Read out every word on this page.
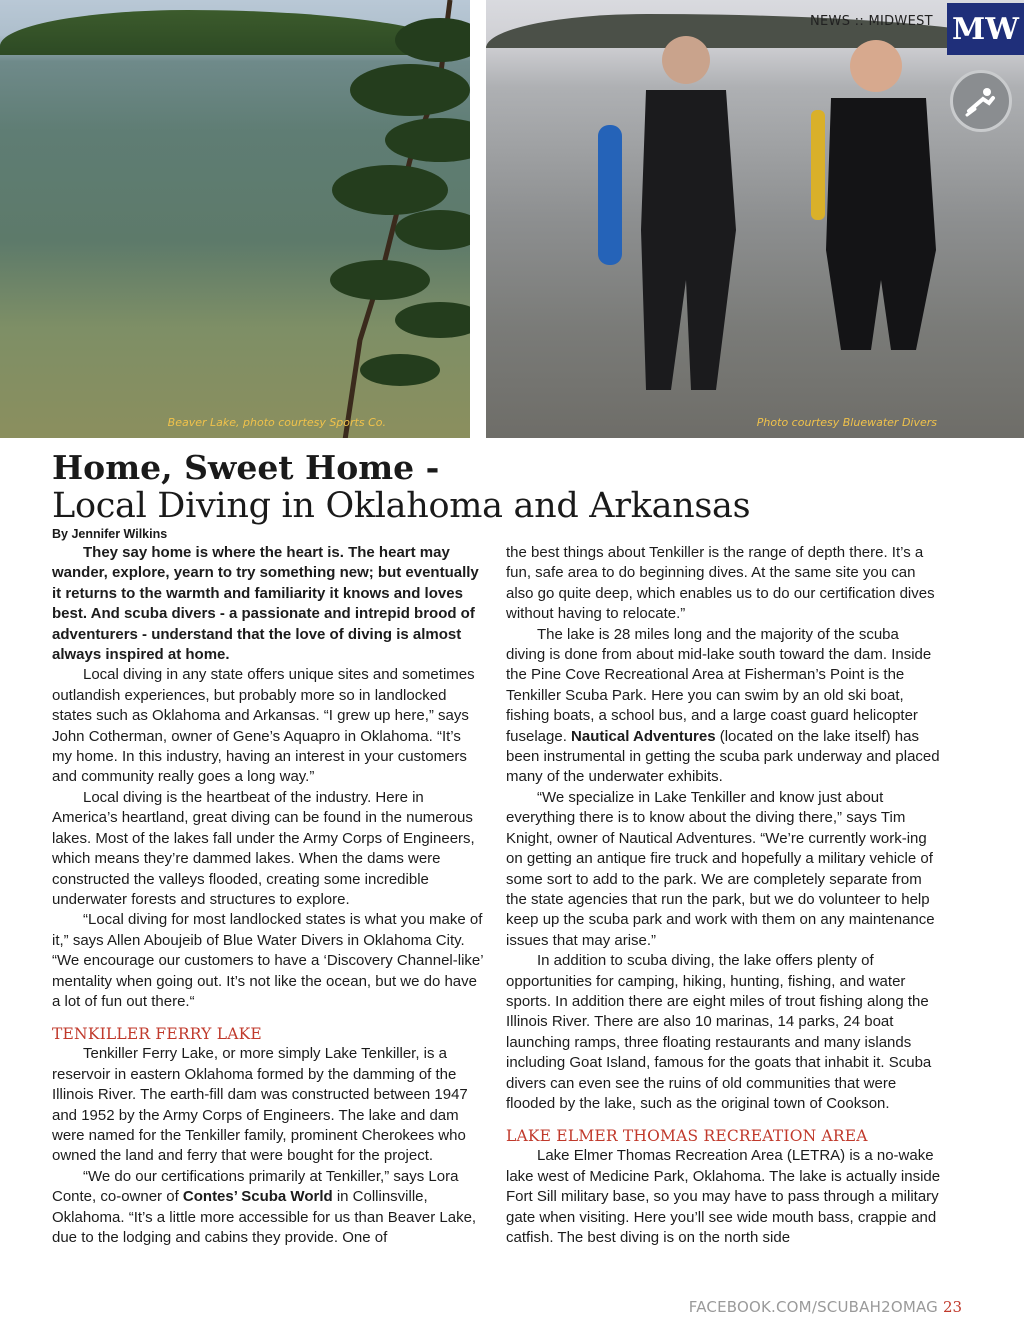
Beaver Lake, photo courtesy Sports Co.	Photo courtesy Bluewater Divers
NEWS :: MIDWEST MW
Home, Sweet Home -
Local Diving in Oklahoma and Arkansas
By Jennifer Wilkins

They say home is where the heart is. The heart may wander, explore, yearn to try something new; but eventually it returns to the warmth and familiarity it knows and loves best. And scuba divers - a passionate and intrepid brood of adventurers - understand that the love of diving is almost always inspired at home.

Local diving in any state offers unique sites and sometimes outlandish experiences, but probably more so in landlocked states such as Oklahoma and Arkansas. “I grew up here,” says John Cotherman, owner of Gene’s Aquapro in Oklahoma. “It’s my home. In this industry, having an interest in your customers and community really goes a long way.”

Local diving is the heartbeat of the industry. Here in America’s heartland, great diving can be found in the numerous lakes. Most of the lakes fall under the Army Corps of Engineers, which means they’re dammed lakes. When the dams were constructed the valleys flooded, creating some incredible underwater forests and structures to explore.

“Local diving for most landlocked states is what you make of it,” says Allen Aboujeib of Blue Water Divers in Oklahoma City. “We encourage our customers to have a ‘Discovery Channel-like’ mentality when going out. It’s not like the ocean, but we do have a lot of fun out there.“

TENKILLER FERRY LAKE

Tenkiller Ferry Lake, or more simply Lake Tenkiller, is a reservoir in eastern Oklahoma formed by the damming of the Illinois River. The earth-fill dam was constructed between 1947 and 1952 by the Army Corps of Engineers. The lake and dam were named for the Tenkiller family, prominent Cherokees who owned the land and ferry that were bought for the project.

“We do our certifications primarily at Tenkiller,” says Lora Conte, co-owner of Contes’ Scuba World in Collinsville, Oklahoma. “It’s a little more accessible for us than Beaver Lake, due to the lodging and cabins they provide. One of

the best things about Tenkiller is the range of depth there. It’s a fun, safe area to do beginning dives. At the same site you can also go quite deep, which enables us to do our certification dives without having to relocate.”

The lake is 28 miles long and the majority of the scuba diving is done from about mid-lake south toward the dam. Inside the Pine Cove Recreational Area at Fisherman’s Point is the Tenkiller Scuba Park. Here you can swim by an old ski boat, fishing boats, a school bus, and a large coast guard helicopter fuselage. Nautical Adventures (located on the lake itself) has been instrumental in getting the scuba park underway and placed many of the underwater exhibits.

“We specialize in Lake Tenkiller and know just about everything there is to know about the diving there,” says Tim Knight, owner of Nautical Adventures. “We’re currently work-ing on getting an antique fire truck and hopefully a military vehicle of some sort to add to the park. We are completely separate from the state agencies that run the park, but we do volunteer to help keep up the scuba park and work with them on any maintenance issues that may arise.”

In addition to scuba diving, the lake offers plenty of opportunities for camping, hiking, hunting, fishing, and water sports. In addition there are eight miles of trout fishing along the Illinois River. There are also 10 marinas, 14 parks, 24 boat launching ramps, three floating restaurants and many islands including Goat Island, famous for the goats that inhabit it. Scuba divers can even see the ruins of old communities that were flooded by the lake, such as the original town of Cookson.

LAKE ELMER THOMAS RECREATION AREA

Lake Elmer Thomas Recreation Area (LETRA) is a no-wake lake west of Medicine Park, Oklahoma. The lake is actually inside Fort Sill military base, so you may have to pass through a military gate when visiting. Here you’ll see wide mouth bass, crappie and catfish. The best diving is on the north side

FACEBOOK.COM/SCUBAH2OMAG 23
